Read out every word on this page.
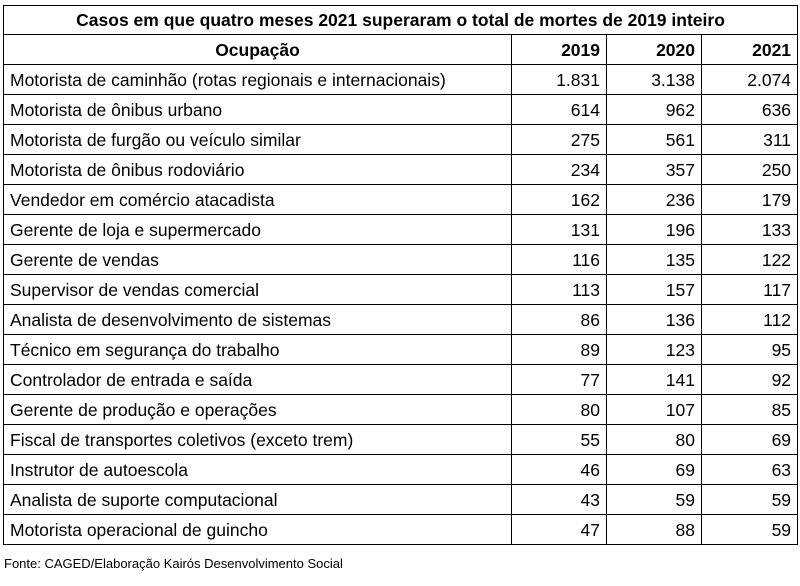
Casos em que quatro meses 2021 superaram o total de mortes de 2019 inteiro			
Ocupação	2019	2020	2021
Motorista de caminhão (rotas regionais e internacionais)	1.831	3.138	2.074
Motorista de ônibus urbano	614	962	636
Motorista de furgão ou veículo similar	275	561	311
Motorista de ônibus rodoviário	234	357	250
Vendedor em comércio atacadista	162	236	179
Gerente de loja e supermercado	131	196	133
Gerente de vendas	116	135	122
Supervisor de vendas comercial	113	157	117
Analista de desenvolvimento de sistemas	86	136	112
Técnico em segurança do trabalho	89	123	95
Controlador de entrada e saída	77	141	92
Gerente de produção e operações	80	107	85
Fiscal de transportes coletivos (exceto trem)	55	80	69
Instrutor de autoescola	46	69	63
Analista de suporte computacional	43	59	59
Motorista operacional de guincho	47	88	59
Fonte: CAGED/Elaboração Kairós Desenvolvimento Social
